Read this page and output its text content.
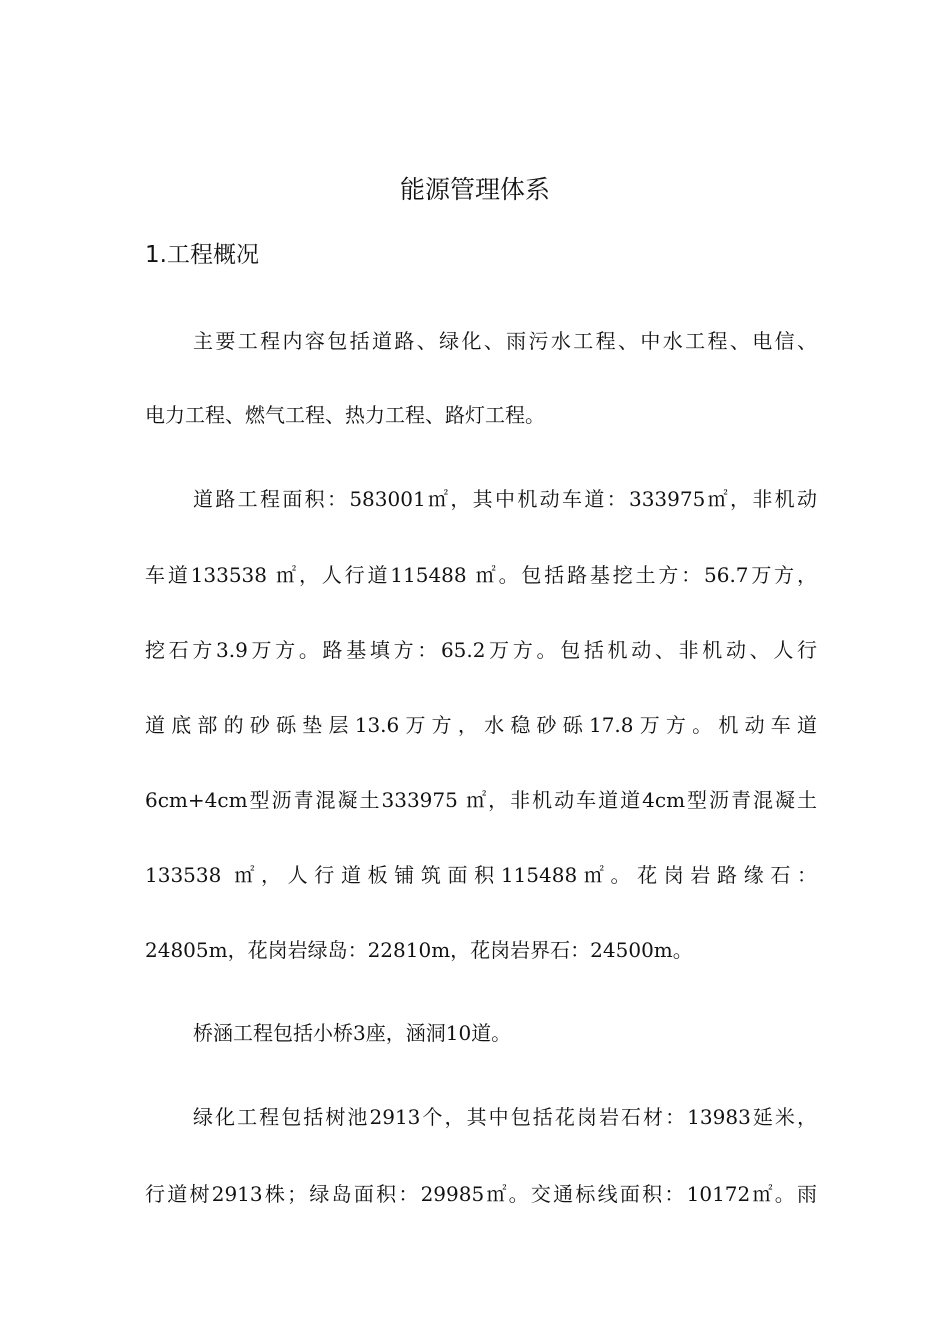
能源管理体系
1.工程概况

主要工程内容包括道路、绿化、雨污水工程、中水工程、电信、

电力工程、燃气工程、热力工程、路灯工程。

道路工程面积：583001㎡，其中机动车道：333975㎡，非机动

车道133538 ㎡，人行道115488 ㎡。包括路基挖土方：56.7万方，

挖石方3.9万方。路基填方：65.2万方。包括机动、非机动、人行

道底部的砂砾垫层13.6万方，水稳砂砾17.8万方。机动车道

6cm+4cm型沥青混凝土333975 ㎡，非机动车道道4cm型沥青混凝土

133538 ㎡，人行道板铺筑面积115488㎡。花岗岩路缘石：

24805m，花岗岩绿岛：22810m，花岗岩界石：24500m。

桥涵工程包括小桥3座，涵洞10道。

绿化工程包括树池2913个，其中包括花岗岩石材：13983延米，

行道树2913株；绿岛面积：29985㎡。交通标线面积：10172㎡。雨
